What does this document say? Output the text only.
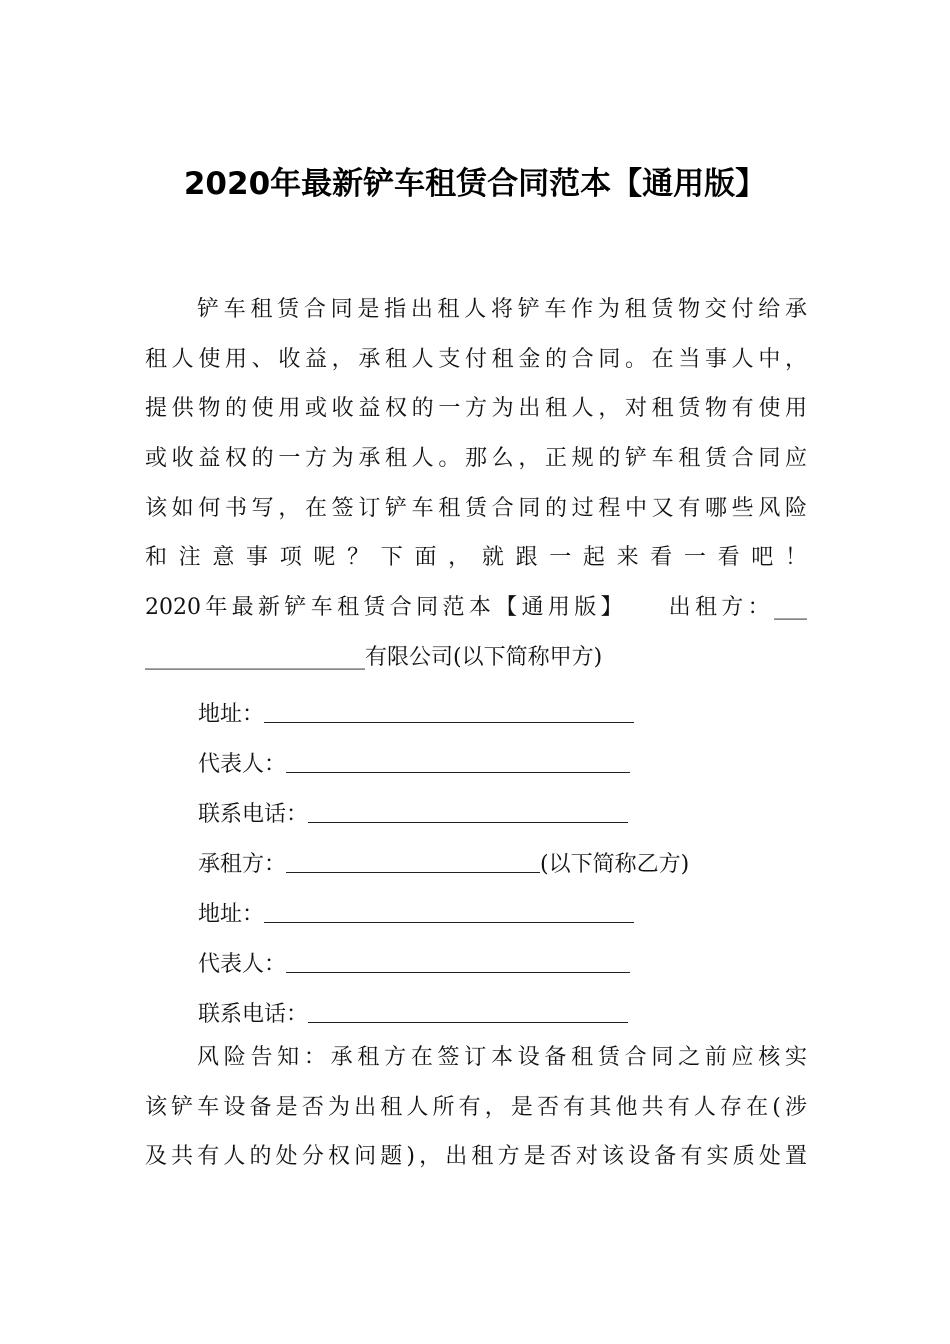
2020年最新铲车租赁合同范本【通用版】
铲车租赁合同是指出租人将铲车作为租赁物交付给承
租人使用、收益，承租人支付租金的合同。在当事人中，
提供物的使用或收益权的一方为出租人，对租赁物有使用
或收益权的一方为承租人。那么，正规的铲车租赁合同应
该如何书写，在签订铲车租赁合同的过程中又有哪些风险
和注意事项呢？下面，就跟一起来看一看吧！
2020年最新铲车租赁合同范本【通用版】　　出租方：___
____________________有限公司(以下简称甲方)
地址：
代表人：
联系电话：
承租方：	(以下简称乙方)
地址：
代表人：
联系电话：
风险告知：承租方在签订本设备租赁合同之前应核实
该铲车设备是否为出租人所有，是否有其他共有人存在(涉
及共有人的处分权问题)，出租方是否对该设备有实质处置
